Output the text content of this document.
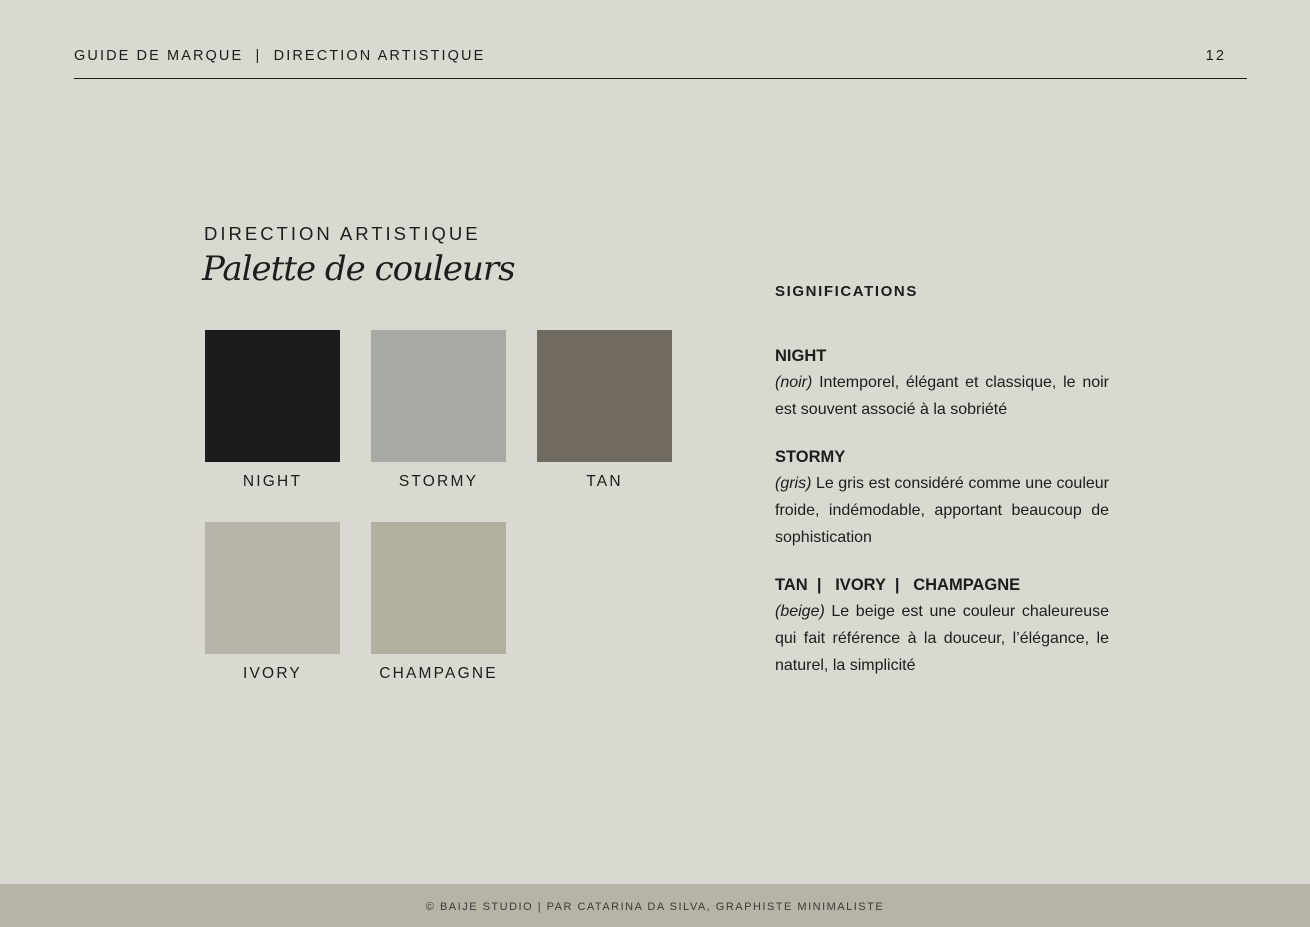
GUIDE DE MARQUE  |  DIRECTION ARTISTIQUE	12
DIRECTION ARTISTIQUE
Palette de couleurs
NIGHT	STORMY	TAN
IVORY	CHAMPAGNE
SIGNIFICATIONS
NIGHT
(noir) Intemporel, élégant et classique, le noir est souvent associé à la sobriété
STORMY
(gris) Le gris est considéré comme une couleur froide, indémodable, apportant beaucoup de sophistication
TAN  |   IVORY  |   CHAMPAGNE
(beige) Le beige est une couleur chaleureuse qui fait référence à la douceur, l’élégance, le naturel, la simplicité
© BAIJE STUDIO | PAR CATARINA DA SILVA, GRAPHISTE MINIMALISTE
